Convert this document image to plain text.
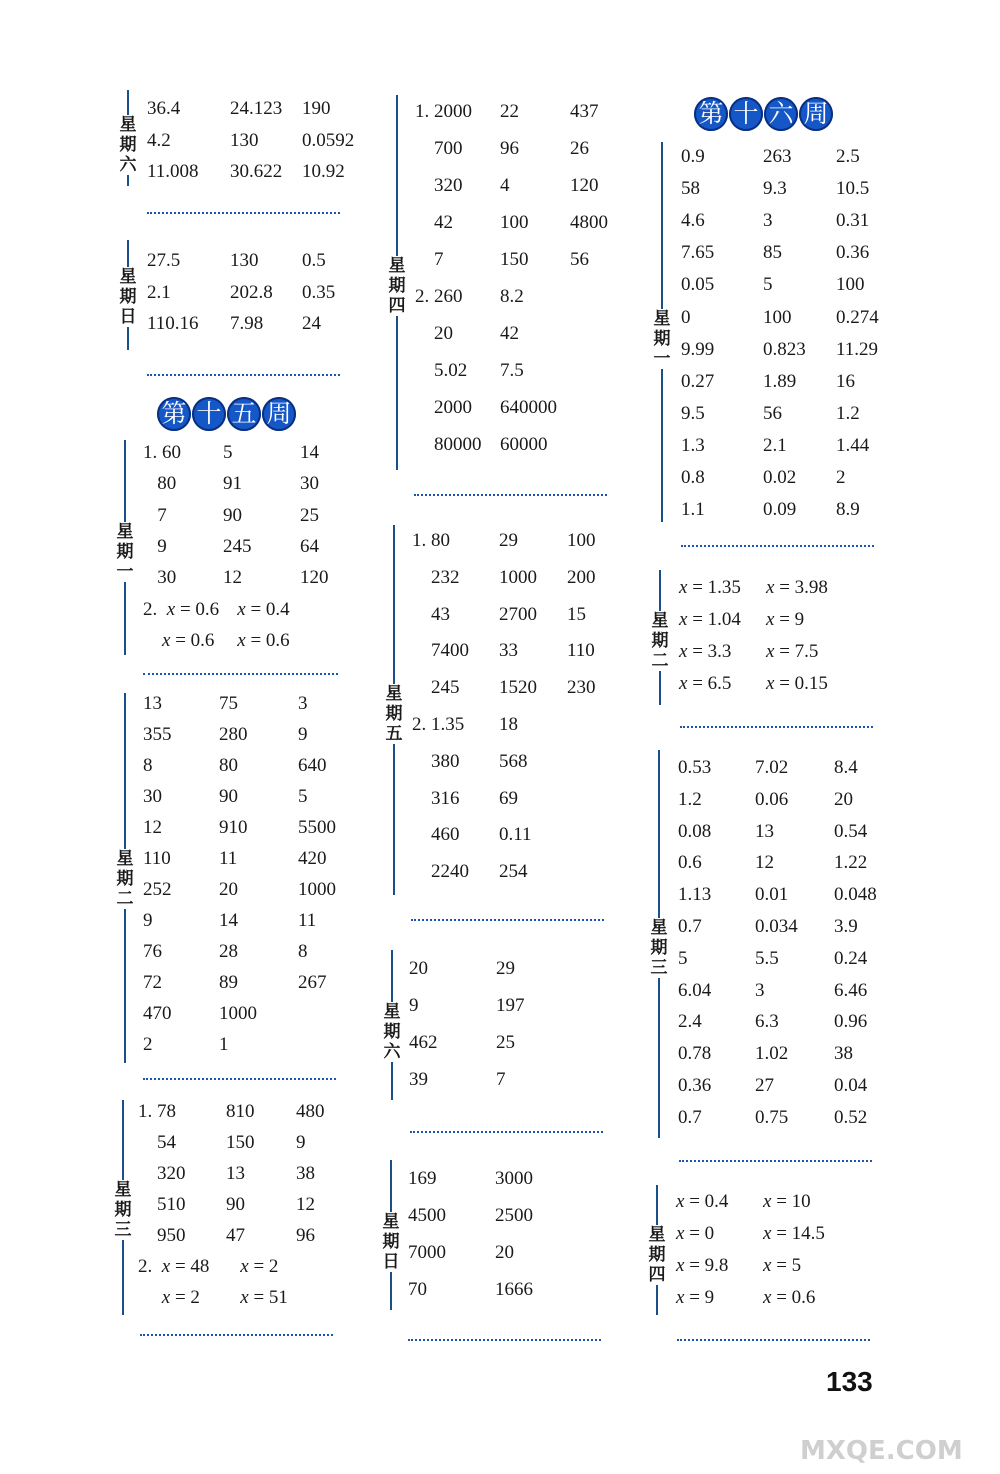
第 十 五 周
第 十 六 周
36.4	24.123 190
4.2	130 0.0592
11.008 30.622 10.92
星期六
27.5	130 0.5
2.1	202.8 0.35
110.16 7.98 24
星期日
1. 60 5	14
80 91	30
7	90	25
9	245	64
30 12	120
2.  x = 0.6 x = 0.4
x = 0.6	x = 0.6
星期一
13	75	3
355	280	9
8	80	640
30	90	5
12	910	5500
110	11	420
252	20	1000
9	14	11
76	28	8
72	89	267
470	1000
2	1
星期二
1. 78	810 480
54	150 9
320 13	38
510 90	12
950 47	96
2.  x = 48	x = 2
x = 2	x = 51
星期三
1. 2000 22	437
700 96	26
320 4	120
42 100 4800
7	150 56
2. 260 8.2
20 42
5.02 7.5
2000 640000
80000 60000
星期四
1. 80	29	100
232 1000 200
43	2700 15
7400 33	110
245 1520 230
2. 1.35 18
380 568
316 69
460 0.11
2240 254
星期五
20	29
9	197
462	25
39	7
星期六
169	3000
4500	2500
7000	20
70	1666
星期日
0.9	263 2.5
58	9.3	10.5
4.6	3	0.31
7.65	85	0.36
0.05	5	100
0	100 0.274
9.99	0.823 11.29
0.27	1.89 16
9.5	56	1.2
1.3	2.1	1.44
0.8	0.02 2
1.1	0.09 8.9
星期一
x = 1.35 x = 3.98
x = 1.04 x = 9
x = 3.3 x = 7.5
x = 6.5 x = 0.15
星期二
0.53 7.02 8.4
1.2	0.06 20
0.08 13	0.54
0.6	12	1.22
1.13 0.01 0.048
0.7	0.034 3.9
5	5.5	0.24
6.04 3	6.46
2.4	6.3	0.96
0.78 1.02 38
0.36 27	0.04
0.7	0.75 0.52
星期三
x = 0.4 x = 10
x = 0	x = 14.5
x = 9.8 x = 5
x = 9	x = 0.6
星期四
133
MXQE.COM
